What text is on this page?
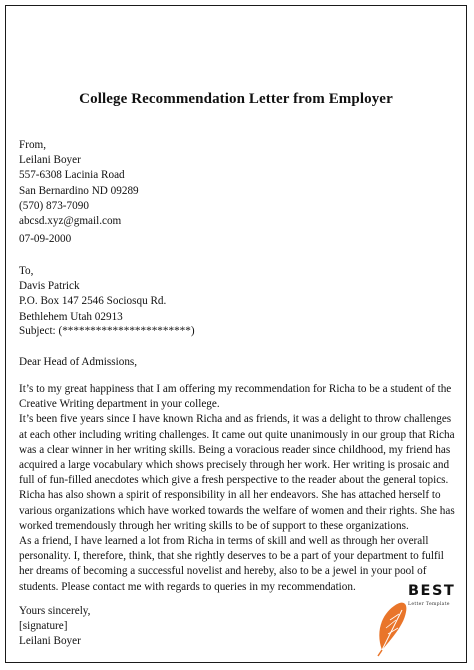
College Recommendation Letter from Employer
From,
Leilani Boyer
557-6308 Lacinia Road
San Bernardino ND 09289
(570) 873-7090
abcsd.xyz@gmail.com
07-09-2000
To,
Davis Patrick
P.O. Box 147 2546 Sociosqu Rd.
Bethlehem Utah 02913
Subject: (***********************)
Dear Head of Admissions,
It’s to my great happiness that I am offering my recommendation for Richa to be a student of the
Creative Writing department in your college.
It’s been five years since I have known Richa and as friends, it was a delight to throw challenges
at each other including writing challenges. It came out quite unanimously in our group that Richa
was a clear winner in her writing skills. Being a voracious reader since childhood, my friend has
acquired a large vocabulary which shows precisely through her work. Her writing is prosaic and
full of fun-filled anecdotes which give a fresh perspective to the reader about the general topics.
Richa has also shown a spirit of responsibility in all her endeavors. She has attached herself to
various organizations which have worked towards the welfare of women and their rights. She has
worked tremendously through her writing skills to be of support to these organizations.
As a friend, I have learned a lot from Richa in terms of skill and well as through her overall
personality. I, therefore, think, that she rightly deserves to be a part of your department to fulfil
her dreams of becoming a successful novelist and hereby, also to be a jewel in your pool of
students. Please contact me with regards to queries in my recommendation.
Yours sincerely,
[signature]
Leilani Boyer
BEST
Letter Template
